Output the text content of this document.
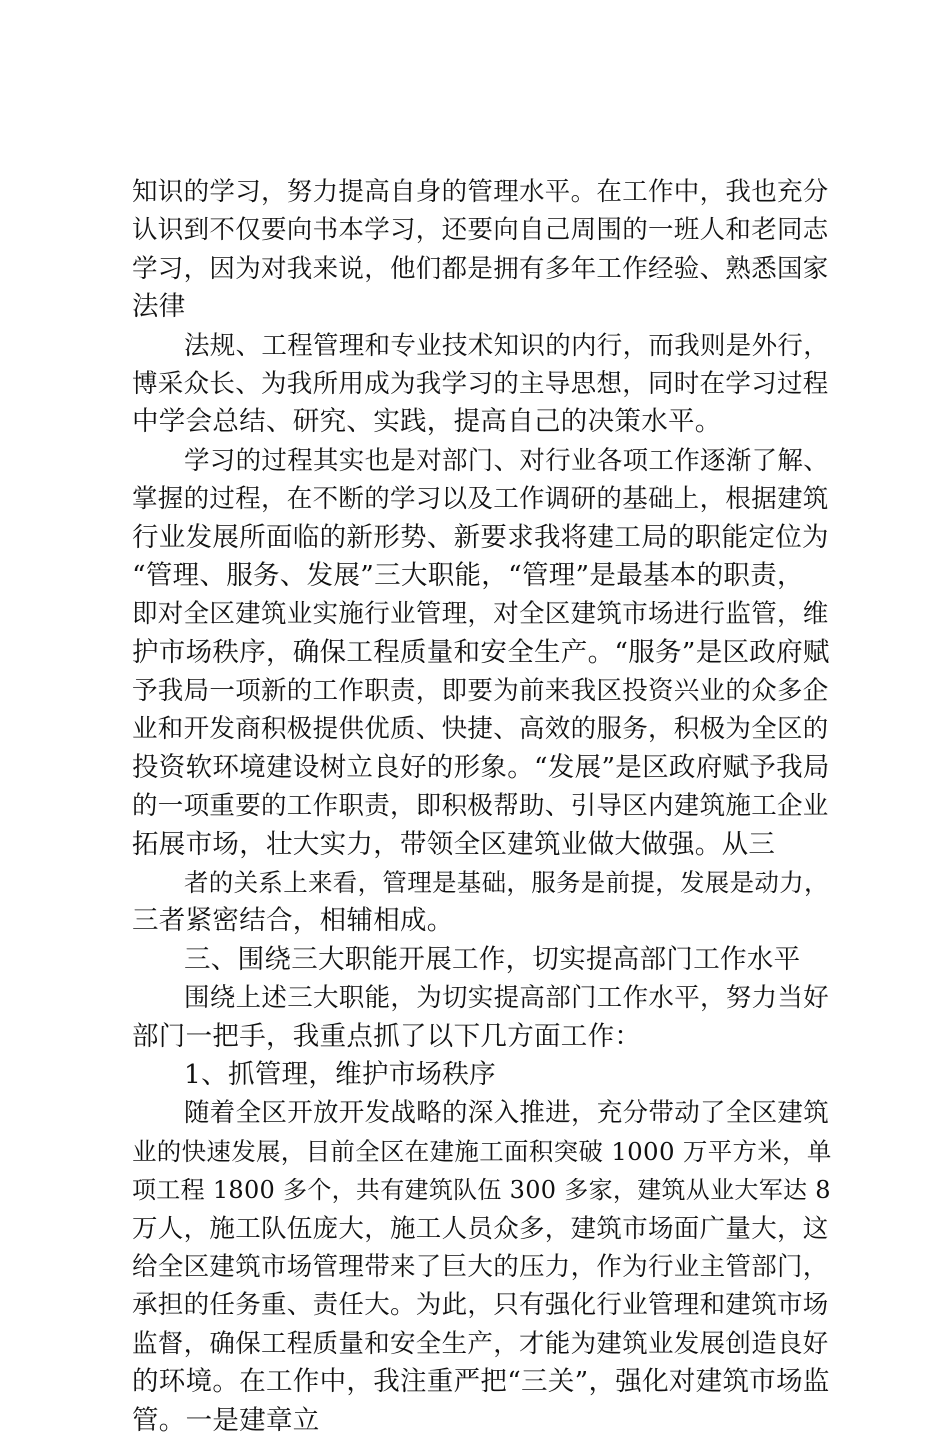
知识的学习，努力提高自身的管理水平。在工作中，我也充分
认识到不仅要向书本学习，还要向自己周围的一班人和老同志
学习，因为对我来说，他们都是拥有多年工作经验、熟悉国家
法律
法规、工程管理和专业技术知识的内行，而我则是外行，
博采众长、为我所用成为我学习的主导思想，同时在学习过程
中学会总结、研究、实践，提高自己的决策水平。
学习的过程其实也是对部门、对行业各项工作逐渐了解、
掌握的过程，在不断的学习以及工作调研的基础上，根据建筑
行业发展所面临的新形势、新要求我将建工局的职能定位为
“管理、服务、发展”三大职能，“管理”是最基本的职责，
即对全区建筑业实施行业管理，对全区建筑市场进行监管，维
护市场秩序，确保工程质量和安全生产。“服务”是区政府赋
予我局一项新的工作职责，即要为前来我区投资兴业的众多企
业和开发商积极提供优质、快捷、高效的服务，积极为全区的
投资软环境建设树立良好的形象。“发展”是区政府赋予我局
的一项重要的工作职责，即积极帮助、引导区内建筑施工企业
拓展市场，壮大实力，带领全区建筑业做大做强。从三
者的关系上来看，管理是基础，服务是前提，发展是动力，
三者紧密结合，相辅相成。
三、围绕三大职能开展工作，切实提高部门工作水平
围绕上述三大职能，为切实提高部门工作水平，努力当好
部门一把手，我重点抓了以下几方面工作：
1、抓管理，维护市场秩序
随着全区开放开发战略的深入推进，充分带动了全区建筑
业的快速发展，目前全区在建施工面积突破 1000 万平方米，单
项工程 1800 多个，共有建筑队伍 300 多家，建筑从业大军达 8
万人，施工队伍庞大，施工人员众多，建筑市场面广量大，这
给全区建筑市场管理带来了巨大的压力，作为行业主管部门，
承担的任务重、责任大。为此，只有强化行业管理和建筑市场
监督，确保工程质量和安全生产，才能为建筑业发展创造良好
的环境。在工作中，我注重严把“三关”，强化对建筑市场监
管。一是建章立
